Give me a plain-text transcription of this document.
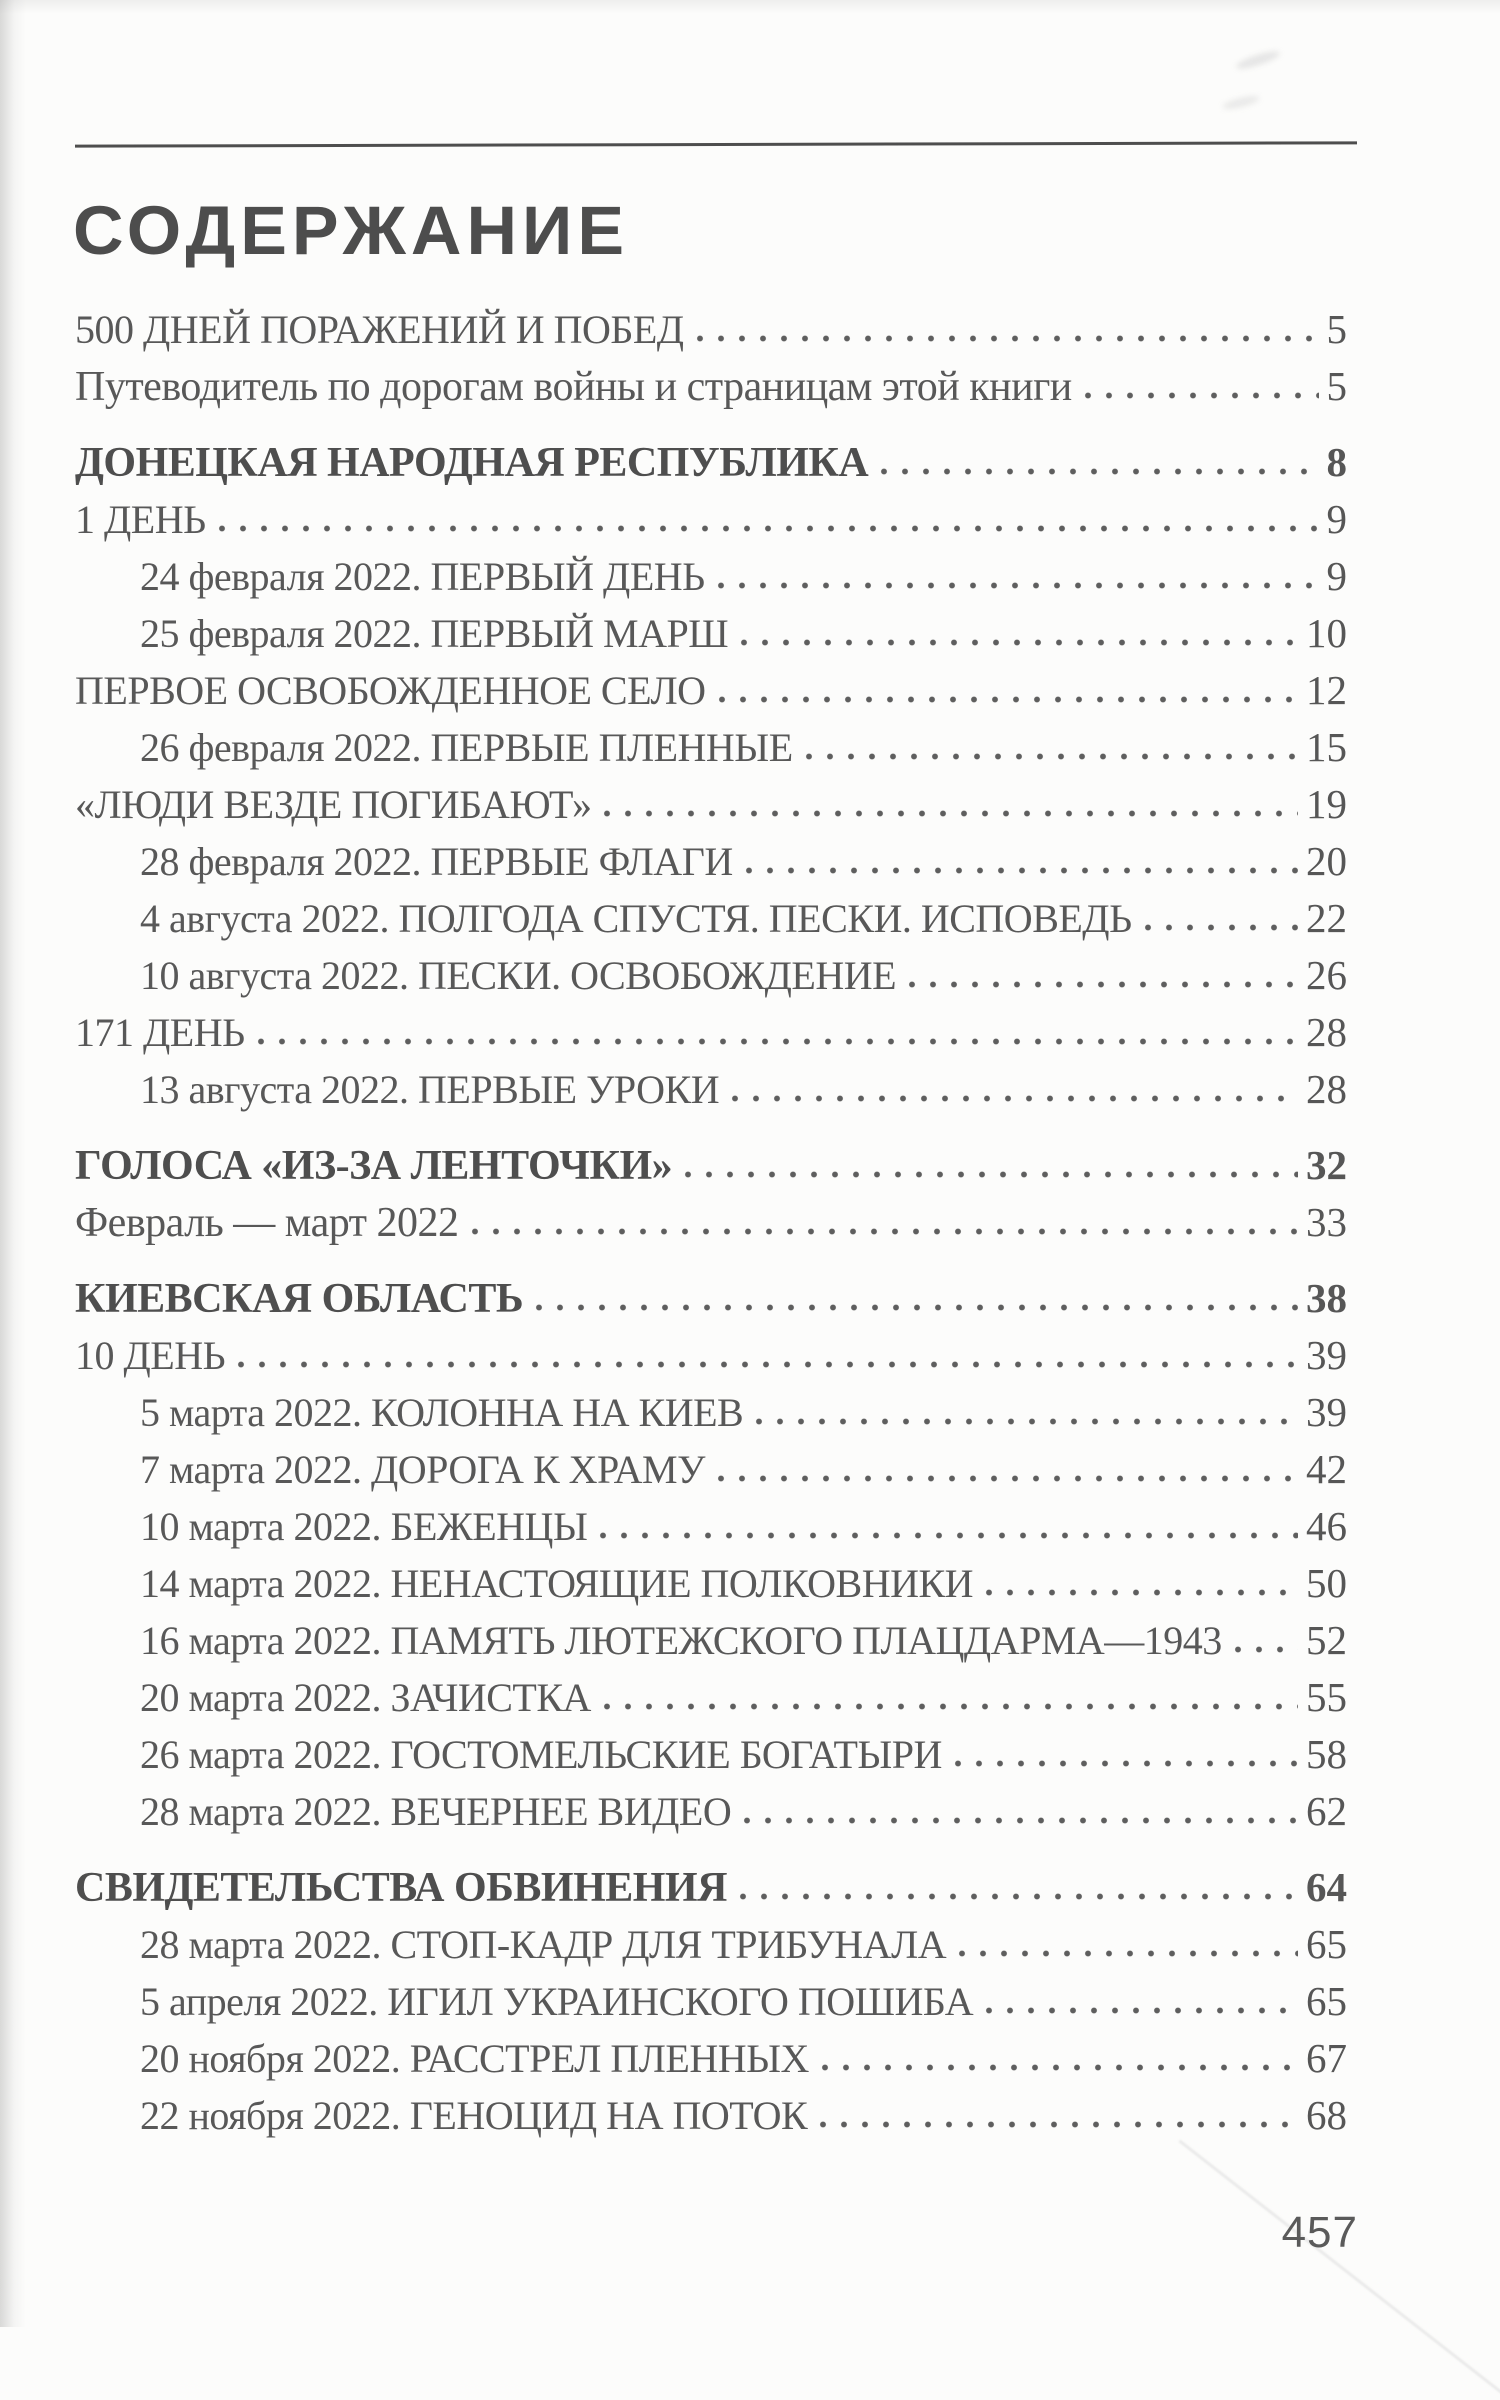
СОДЕРЖАНИЕ
500 ДНЕЙ ПОРАЖЕНИЙ И ПОБЕД	5
Путеводитель по дорогам войны и страницам этой книги	5
ДОНЕЦКАЯ НАРОДНАЯ РЕСПУБЛИКА	8
1 ДЕНЬ	9
24 февраля 2022. ПЕРВЫЙ ДЕНЬ	9
25 февраля 2022. ПЕРВЫЙ МАРШ	10
ПЕРВОЕ ОСВОБОЖДЕННОЕ СЕЛО	12
26 февраля 2022. ПЕРВЫЕ ПЛЕННЫЕ	15
«ЛЮДИ ВЕЗДЕ ПОГИБАЮТ»	19
28 февраля 2022. ПЕРВЫЕ ФЛАГИ	20
4 августа 2022. ПОЛГОДА СПУСТЯ. ПЕСКИ. ИСПОВЕДЬ	22
10 августа 2022. ПЕСКИ. ОСВОБОЖДЕНИЕ	26
171 ДЕНЬ	28
13 августа 2022. ПЕРВЫЕ УРОКИ	28
ГОЛОСА «ИЗ-ЗА ЛЕНТОЧКИ»	32
Февраль — март 2022	33
КИЕВСКАЯ ОБЛАСТЬ	38
10 ДЕНЬ	39
5 марта 2022. КОЛОННА НА КИЕВ	39
7 марта 2022. ДОРОГА К ХРАМУ	42
10 марта 2022. БЕЖЕНЦЫ	46
14 марта 2022. НЕНАСТОЯЩИЕ ПОЛКОВНИКИ	50
16 марта 2022. ПАМЯТЬ ЛЮТЕЖСКОГО ПЛАЦДАРМА—1943 52
20 марта 2022. ЗАЧИСТКА	55
26 марта 2022. ГОСТОМЕЛЬСКИЕ БОГАТЫРИ	58
28 марта 2022. ВЕЧЕРНЕЕ ВИДЕО	62
СВИДЕТЕЛЬСТВА ОБВИНЕНИЯ	64
28 марта 2022. СТОП-КАДР ДЛЯ ТРИБУНАЛА	65
5 апреля 2022. ИГИЛ УКРАИНСКОГО ПОШИБА	65
20 ноября 2022. РАССТРЕЛ ПЛЕННЫХ	67
22 ноября 2022. ГЕНОЦИД НА ПОТОК	68
457
